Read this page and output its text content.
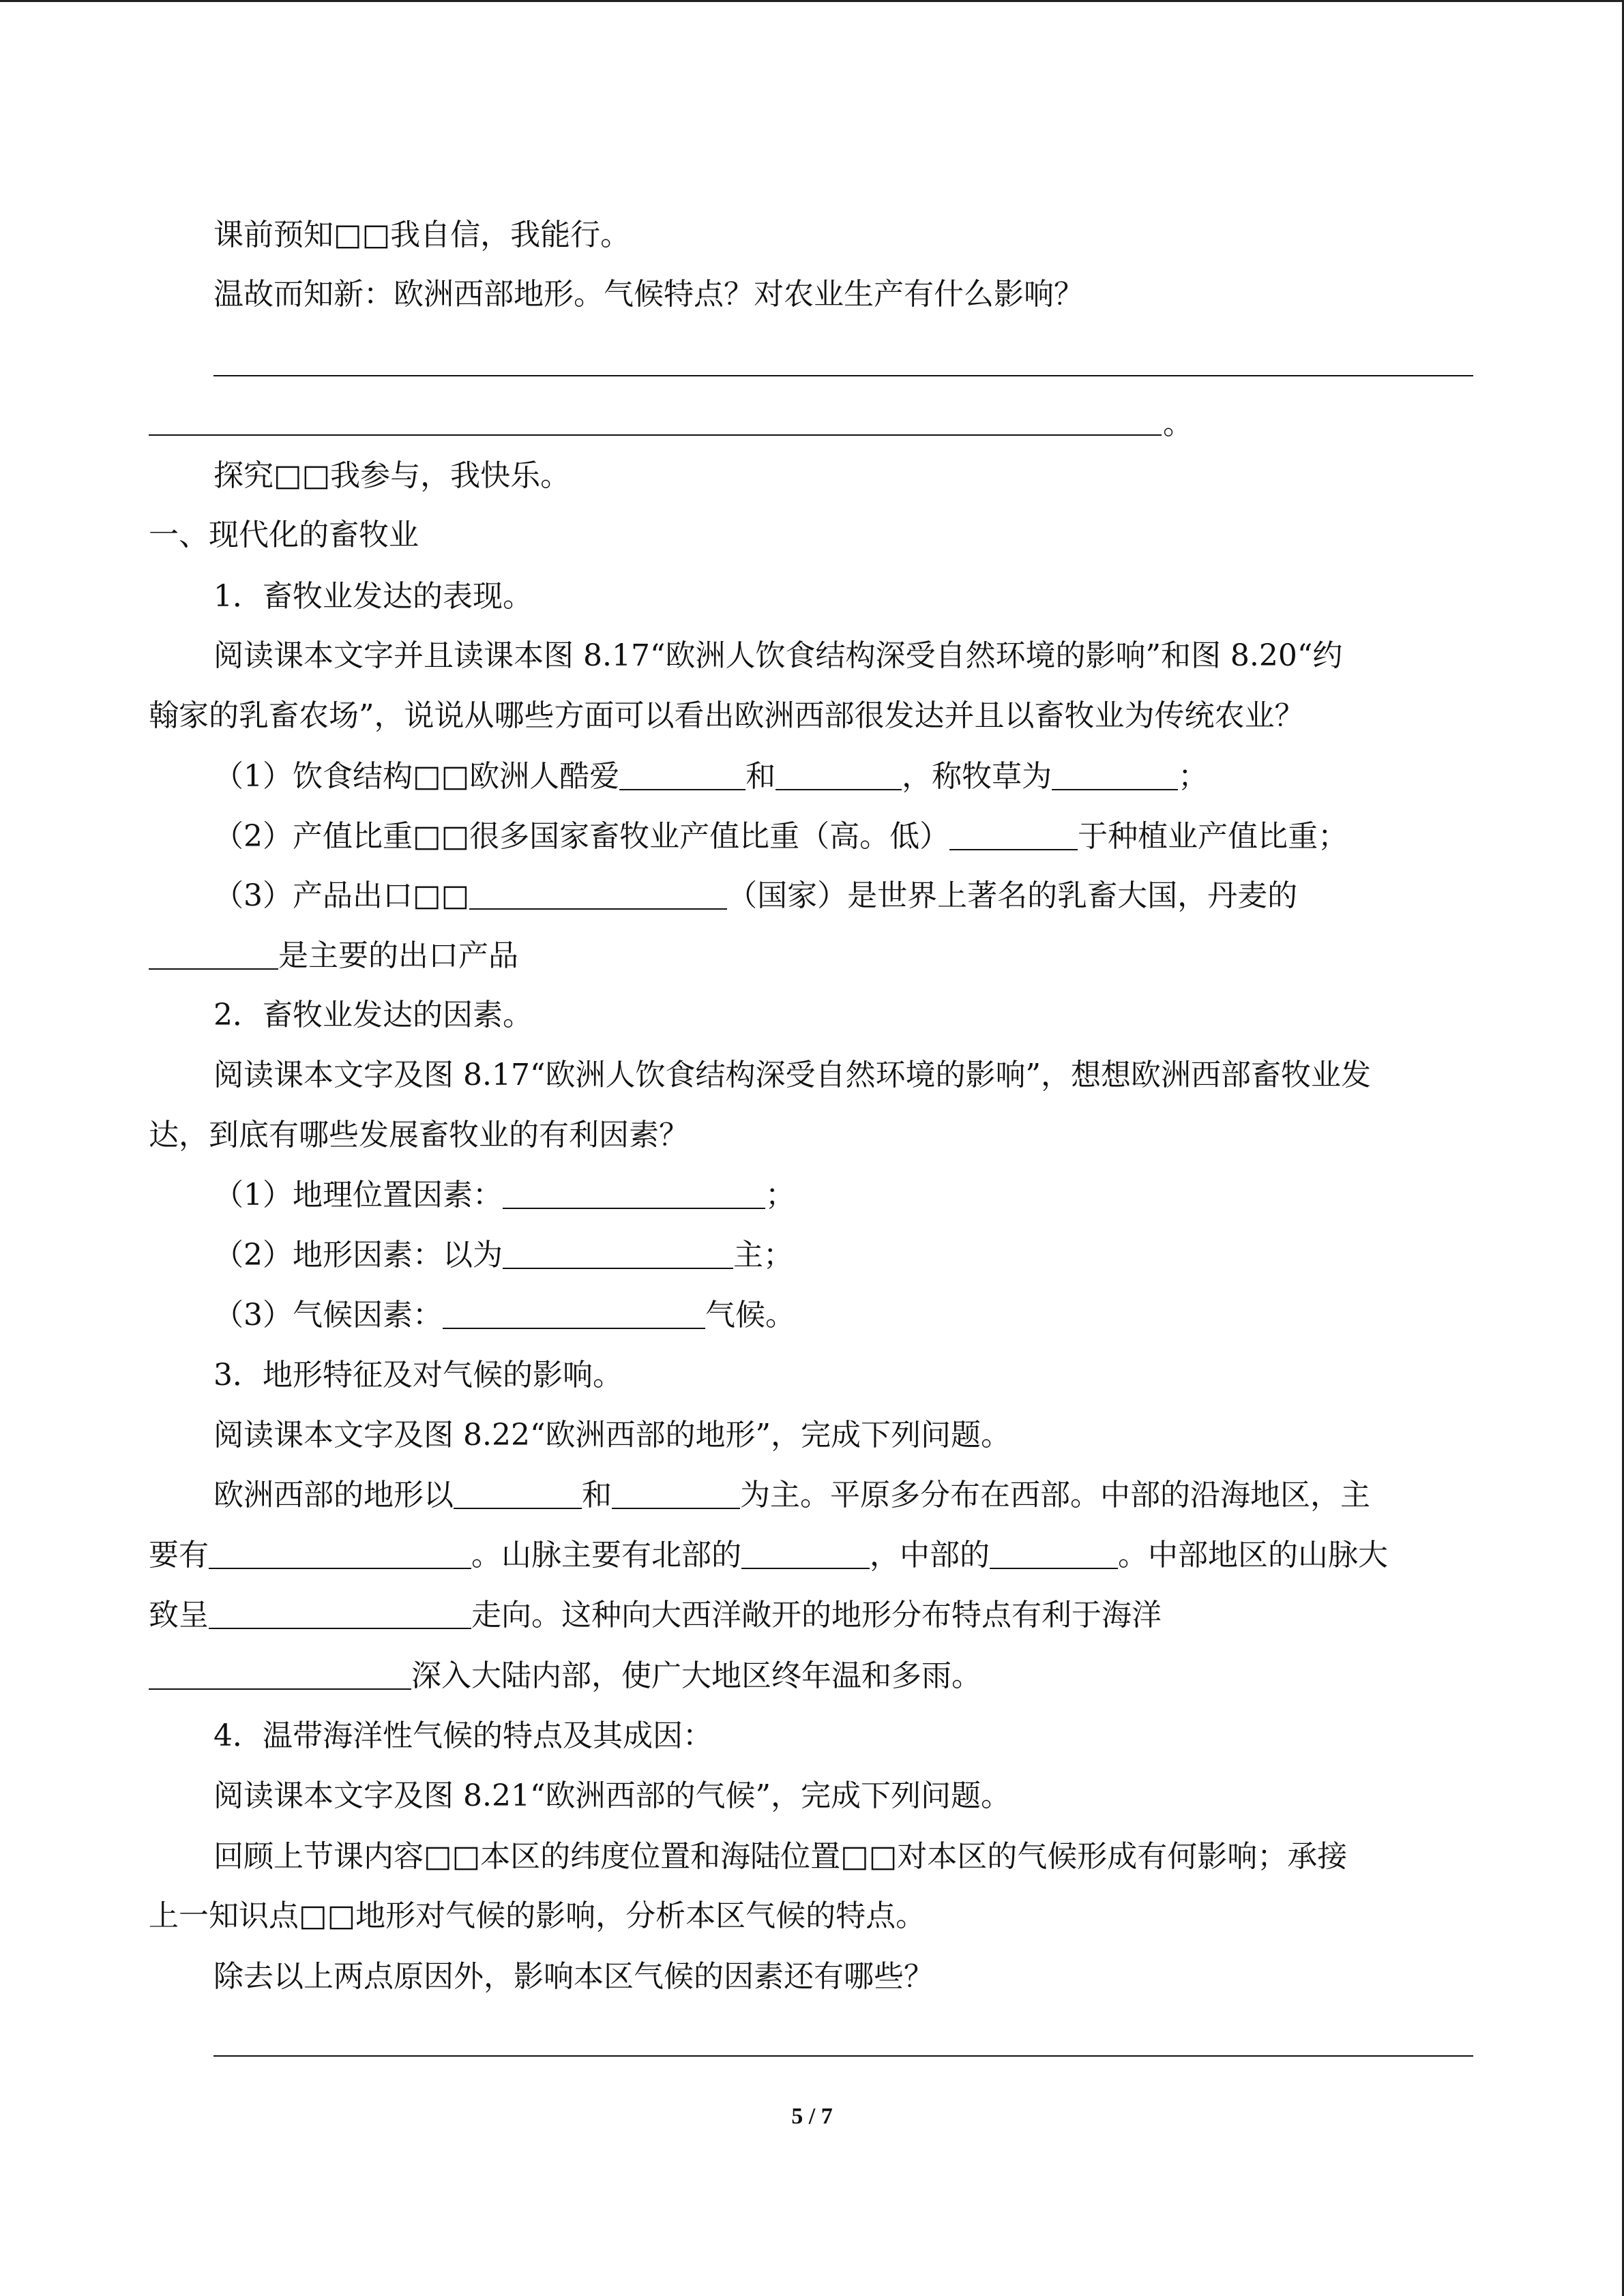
课前预知□□我自信，我能行。
温故而知新：欧洲西部地形。气候特点？对农业生产有什么影响？
。
探究□□我参与，我快乐。
一、现代化的畜牧业
1．畜牧业发达的表现。
阅读课本文字并且读课本图 8.17“欧洲人饮食结构深受自然环境的影响”和图 8.20“约
翰家的乳畜农场”，说说从哪些方面可以看出欧洲西部很发达并且以畜牧业为传统农业？
（1）饮食结构□□欧洲人酷爱	和	，称牧草为	；
（2）产值比重□□很多国家畜牧业产值比重（高。低）	于种植业产值比重；
（3）产品出口□□	（国家）是世界上著名的乳畜大国，丹麦的
是主要的出口产品
2．畜牧业发达的因素。
阅读课本文字及图 8.17“欧洲人饮食结构深受自然环境的影响”，想想欧洲西部畜牧业发
达，到底有哪些发展畜牧业的有利因素？
（1）地理位置因素：	；
（2）地形因素：以为	主；
（3）气候因素：	气候。
3．地形特征及对气候的影响。
阅读课本文字及图 8.22“欧洲西部的地形”，完成下列问题。
欧洲西部的地形以	和	为主。平原多分布在西部。中部的沿海地区，主
要有	。山脉主要有北部的	，中部的	。中部地区的山脉大
致呈	走向。这种向大西洋敞开的地形分布特点有利于海洋
深入大陆内部，使广大地区终年温和多雨。
4．温带海洋性气候的特点及其成因：
阅读课本文字及图 8.21“欧洲西部的气候”，完成下列问题。
回顾上节课内容□□本区的纬度位置和海陆位置□□对本区的气候形成有何影响；承接
上一知识点□□地形对气候的影响，分析本区气候的特点。
除去以上两点原因外，影响本区气候的因素还有哪些？
5 / 7
